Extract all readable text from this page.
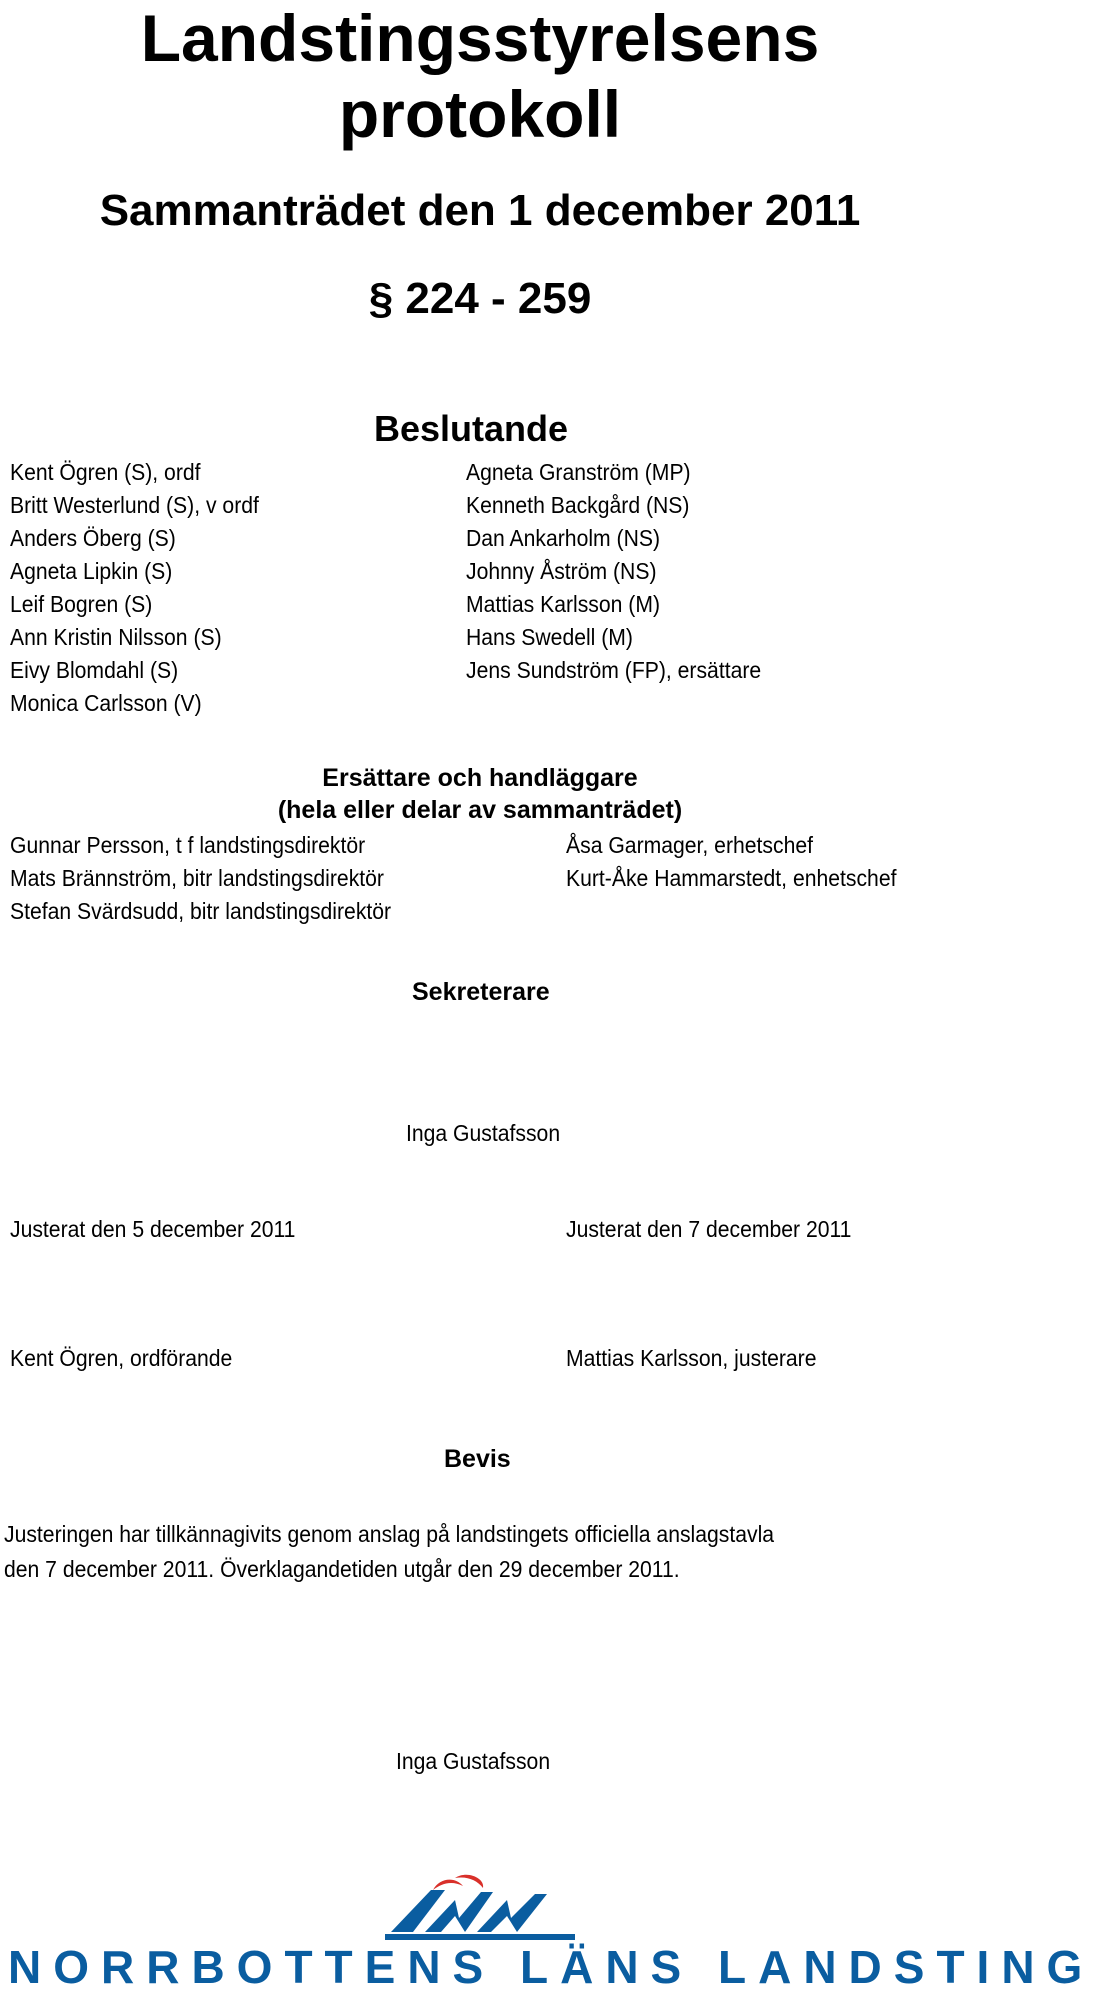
Landstingsstyrelsens
protokoll
Sammanträdet den 1 december 2011
§ 224 - 259
Beslutande
Kent Ögren (S), ordf
Britt Westerlund (S), v ordf
Anders Öberg (S)
Agneta Lipkin (S)
Leif Bogren (S)
Ann Kristin Nilsson (S)
Eivy Blomdahl (S)
Monica Carlsson (V)
Agneta Granström (MP)
Kenneth Backgård (NS)
Dan Ankarholm (NS)
Johnny Åström (NS)
Mattias Karlsson (M)
Hans Swedell (M)
Jens Sundström (FP), ersättare
Ersättare och handläggare
(hela eller delar av sammanträdet)
Gunnar Persson, t f landstingsdirektör
Mats Brännström, bitr landstingsdirektör
Stefan Svärdsudd, bitr landstingsdirektör
Åsa Garmager, erhetschef
Kurt-Åke Hammarstedt, enhetschef
Sekreterare
Inga Gustafsson
Justerat den 5 december 2011	Justerat den 7 december 2011
Kent Ögren, ordförande	Mattias Karlsson, justerare
Bevis
Justeringen har tillkännagivits genom anslag på landstingets officiella anslagstavla
den 7 december 2011. Överklagandetiden utgår den 29 december 2011.
Inga Gustafsson
NORRBOTTENS LÄNS LANDSTING
